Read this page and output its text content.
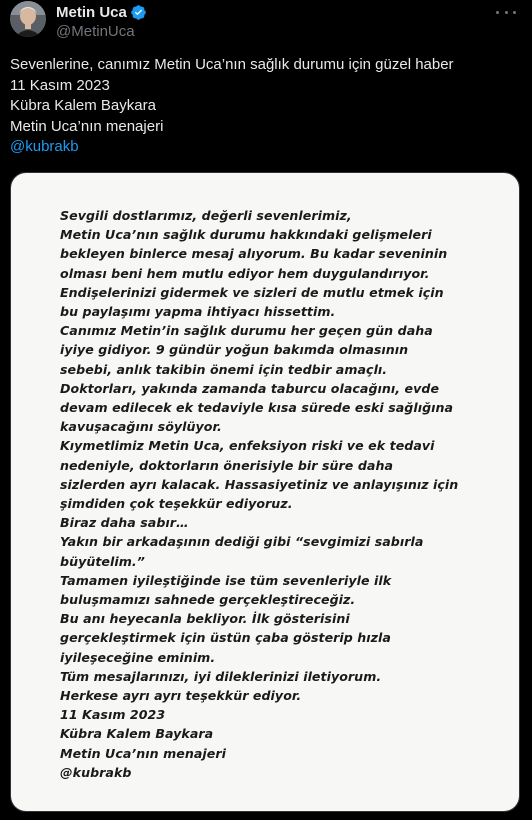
Metin Uca
@MetinUca
Sevenlerine, canımız Metin Uca’nın sağlık durumu için güzel haber
11 Kasım 2023
Kübra Kalem Baykara
Metin Uca’nın menajeri
@kubrakb
Sevgili dostlarımız, değerli sevenlerimiz,
Metin Uca’nın sağlık durumu hakkındaki gelişmeleri
bekleyen binlerce mesaj alıyorum. Bu kadar seveninin
olması beni hem mutlu ediyor hem duygulandırıyor.
Endişelerinizi gidermek ve sizleri de mutlu etmek için
bu paylaşımı yapma ihtiyacı hissettim.
Canımız Metin’in sağlık durumu her geçen gün daha
iyiye gidiyor. 9 gündür yoğun bakımda olmasının
sebebi, anlık takibin önemi için tedbir amaçlı.
Doktorları, yakında zamanda taburcu olacağını, evde
devam edilecek ek tedaviyle kısa sürede eski sağlığına
kavuşacağını söylüyor.
Kıymetlimiz Metin Uca, enfeksiyon riski ve ek tedavi
nedeniyle, doktorların önerisiyle bir süre daha
sizlerden ayrı kalacak. Hassasiyetiniz ve anlayışınız için
şimdiden çok teşekkür ediyoruz.
Biraz daha sabır…
Yakın bir arkadaşının dediği gibi “sevgimizi sabırla
büyütelim.”
Tamamen iyileştiğinde ise tüm sevenleriyle ilk
buluşmamızı sahnede gerçekleştireceğiz.
Bu anı heyecanla bekliyor. İlk gösterisini
gerçekleştirmek için üstün çaba gösterip hızla
iyileşeceğine eminim.
Tüm mesajlarınızı, iyi dileklerinizi iletiyorum.
Herkese ayrı ayrı teşekkür ediyor.
11 Kasım 2023
Kübra Kalem Baykara
Metin Uca’nın menajeri
@kubrakb
